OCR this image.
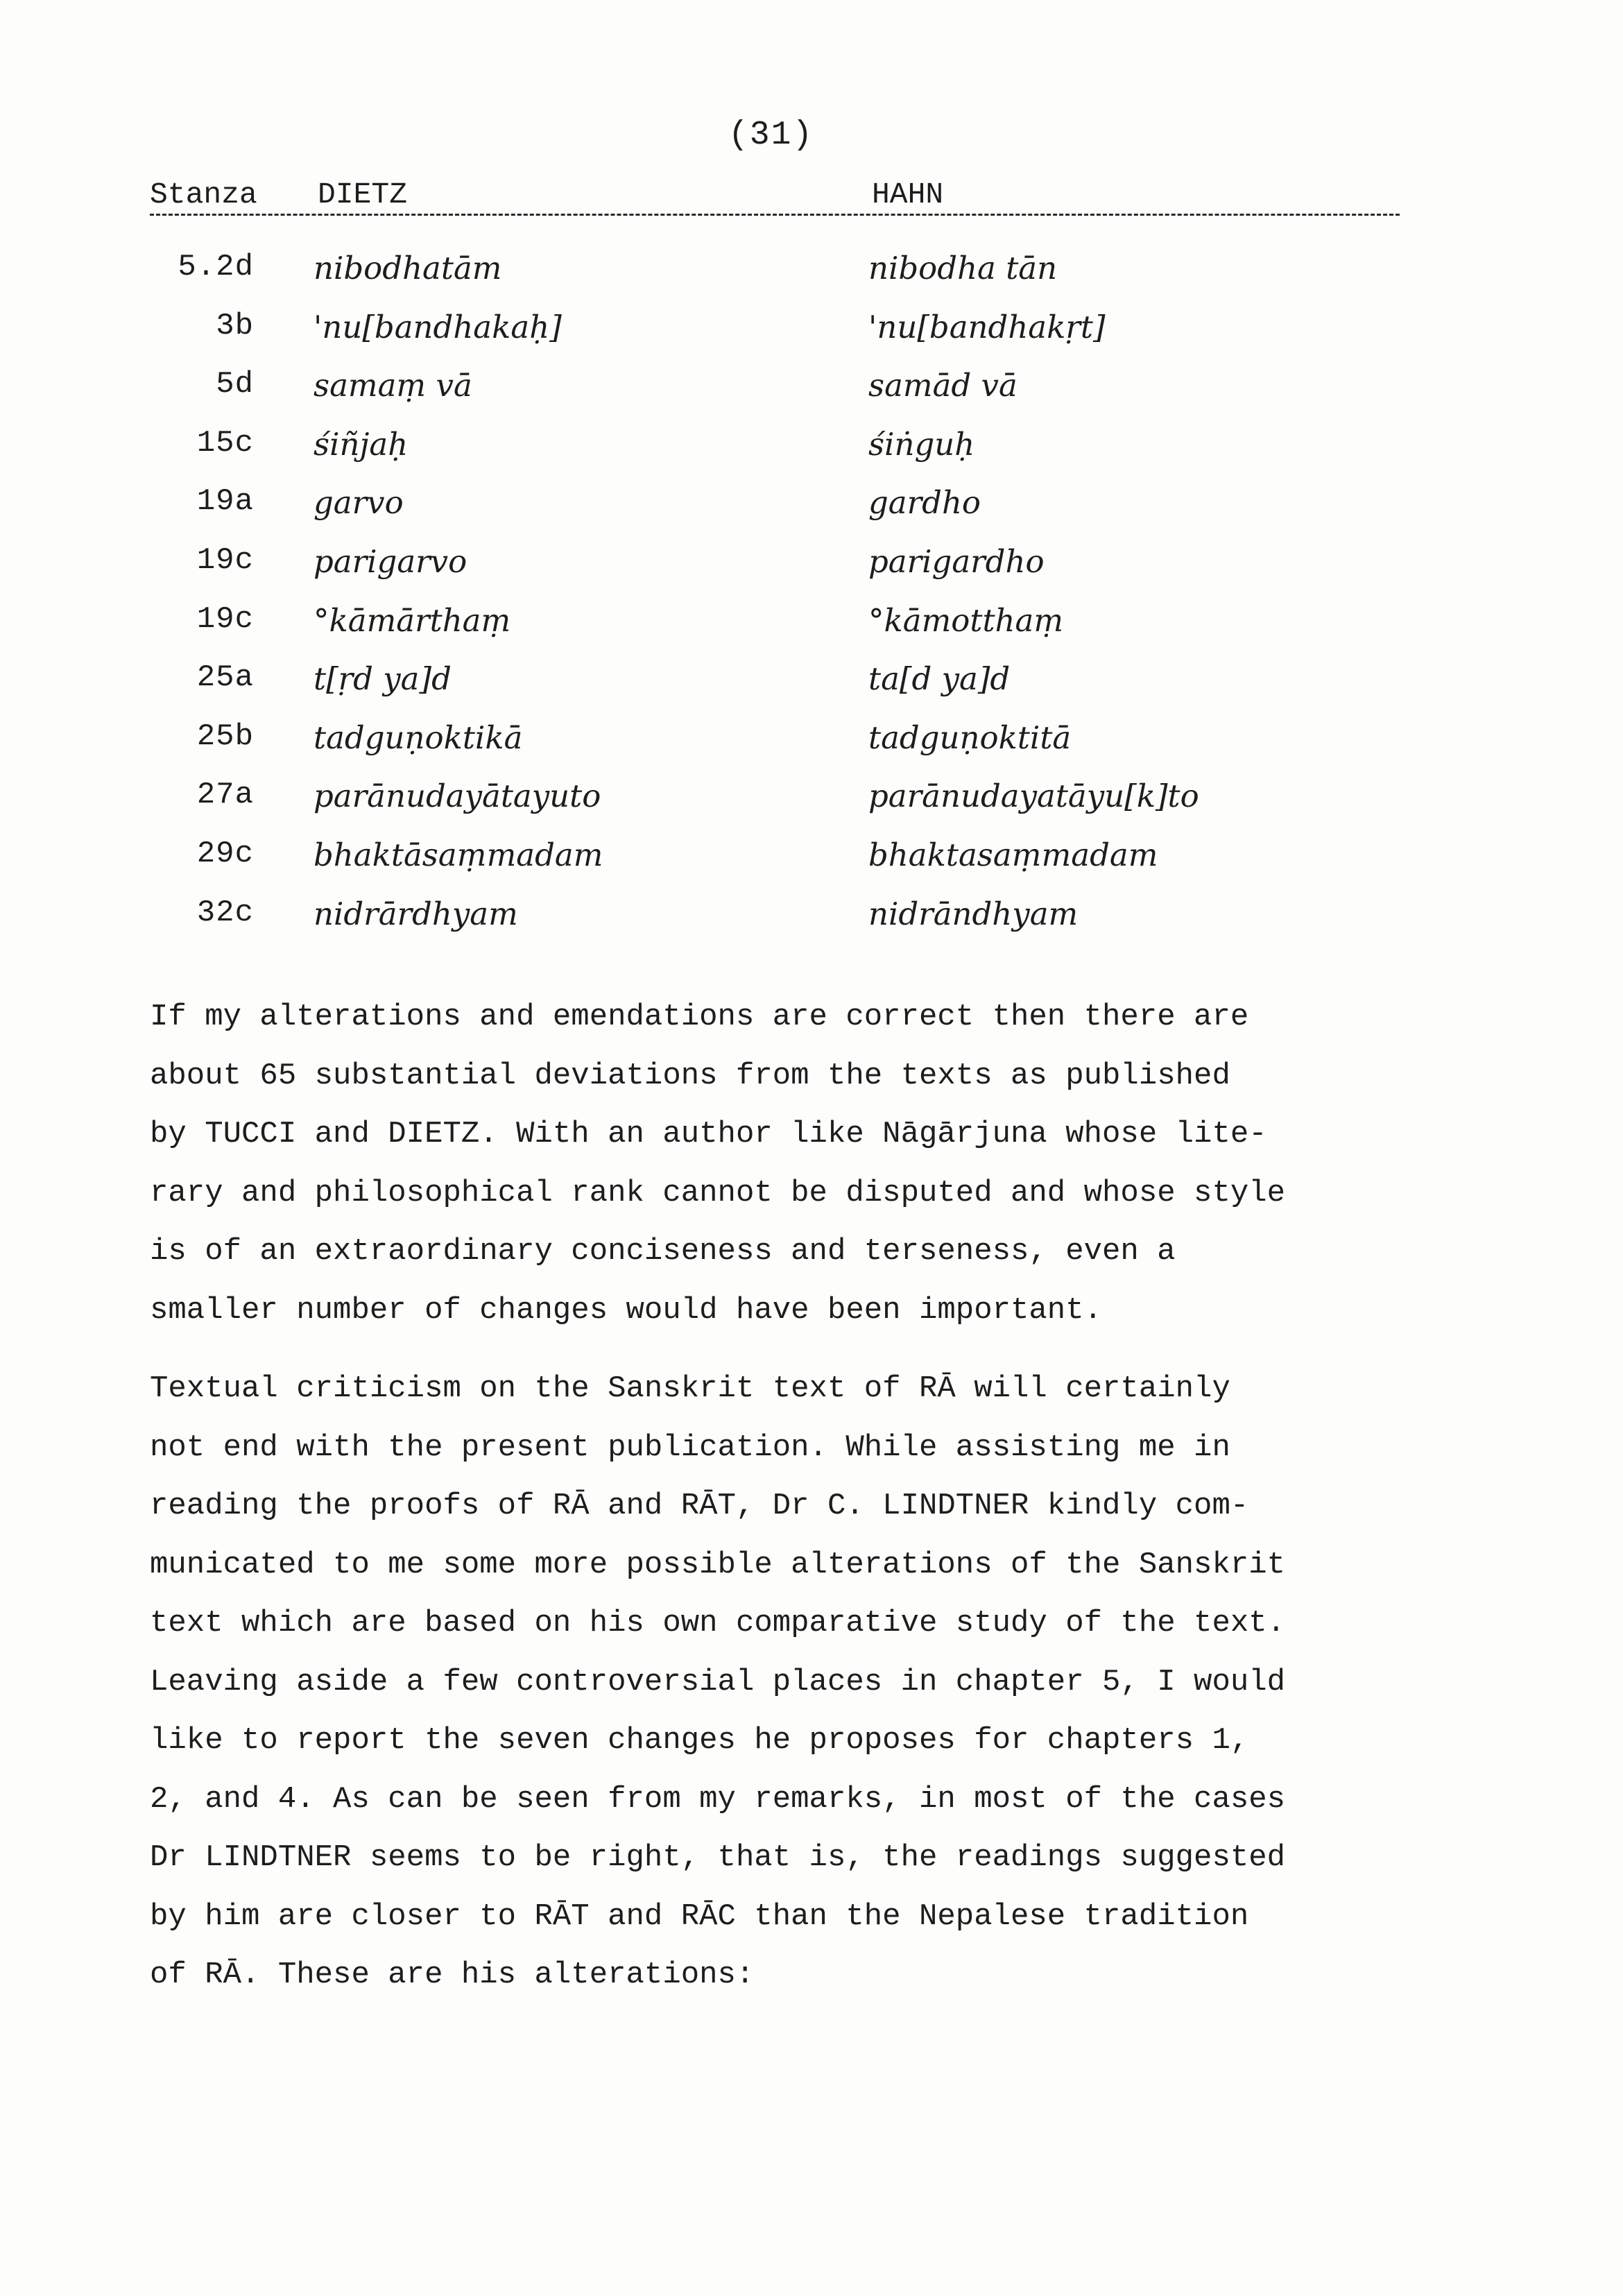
(31)
Stanza DIETZ	HAHN
5.2d nibodhatām	nibodha tān
3b 'nu[bandhakaḥ]	'nu[bandhakṛt]
5d samaṃ vā	samād vā
15c śiñjaḥ	śiṅguḥ
19a garvo	gardho
19c parigarvo	parigardho
19c °kāmārthaṃ	°kāmotthaṃ
25a t[ṛd ya]d	ta[d ya]d
25b tadguṇoktikā	tadguṇoktitā
27a parānudayātayuto	parānudayatāyu[k]to
29c bhaktāsaṃmadam	bhaktasaṃmadam
32c nidrārdhyam	nidrāndhyam
If my alterations and emendations are correct then there are
about 65 substantial deviations from the texts as published
by TUCCI and DIETZ. With an author like Nāgārjuna whose lite-
rary and philosophical rank cannot be disputed and whose style
is of an extraordinary conciseness and terseness, even a
smaller number of changes would have been important.
Textual criticism on the Sanskrit text of RĀ will certainly
not end with the present publication. While assisting me in
reading the proofs of RĀ and RĀT, Dr C. LINDTNER kindly com-
municated to me some more possible alterations of the Sanskrit
text which are based on his own comparative study of the text.
Leaving aside a few controversial places in chapter 5, I would
like to report the seven changes he proposes for chapters 1,
2, and 4. As can be seen from my remarks, in most of the cases
Dr LINDTNER seems to be right, that is, the readings suggested
by him are closer to RĀT and RĀC than the Nepalese tradition
of RĀ. These are his alterations:
